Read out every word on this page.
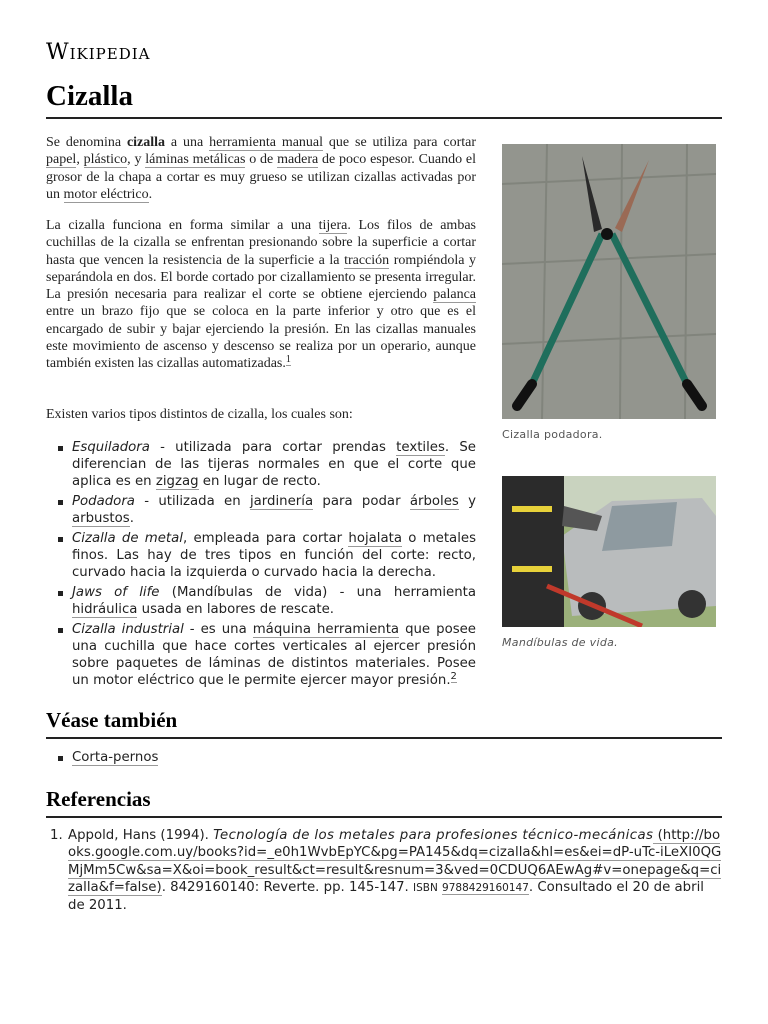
Wikipedia
Cizalla

Se denomina cizalla a una herramienta manual que se utiliza para cortar papel, plástico, y láminas metálicas o de madera de poco espesor. Cuando el grosor de la chapa a cortar es muy grueso se utilizan cizallas activadas por un motor eléctrico.

La cizalla funciona en forma similar a una tijera. Los filos de ambas cuchillas de la cizalla se enfrentan presionando sobre la superficie a cortar hasta que vencen la resistencia de la superficie a la tracción rompiéndola y separándola en dos. El borde cortado por cizallamiento se presenta irregular. La presión necesaria para realizar el corte se obtiene ejerciendo palanca entre un brazo fijo que se coloca en la parte inferior y otro que es el encargado de subir y bajar ejerciendo la presión. En las cizallas manuales este movimiento de ascenso y descenso se realiza por un operario, aunque también existen las cizallas automatizadas.$^1$

Existen varios tipos distintos de cizalla, los cuales son:
Esquiladora - utilizada para cortar prendas textiles. Se diferencian de las tijeras normales en que el corte que aplica es en zigzag en lugar de recto.
Podadora - utilizada en jardinería para podar árboles y arbustos.
Cizalla de metal, empleada para cortar hojalata o metales finos. Las hay de tres tipos en función del corte: recto, curvado hacia la izquierda o curvado hacia la derecha.
Jaws of life (Mandíbulas de vida) - una herramienta hidráulica usada en labores de rescate.
Cizalla industrial - es una máquina herramienta que posee una cuchilla que hace cortes verticales al ejercer presión sobre paquetes de láminas de distintos materiales. Posee un motor eléctrico que le permite ejercer mayor presión.$^2$
Cizalla podadora.
Mandíbulas de vida.
Véase también
Corta-pernos
Referencias
1. Appold, Hans (1994). Tecnología de los metales para profesiones técnico-mecánicas (http://books.google.com.uy/books?id=_e0h1WvbEpYC&pg=PA145&dq=cizalla&hl=es&ei=dP-uTc-iLeXI0QGMjMm5Cw&sa=X&oi=book_result&ct=result&resnum=3&ved=0CDUQ6AEwAg#v=onepage&q=cizalla&f=false). 8429160140: Reverte. pp. 145-147. ISBN 9788429160147. Consultado el 20 de abril de 2011.
